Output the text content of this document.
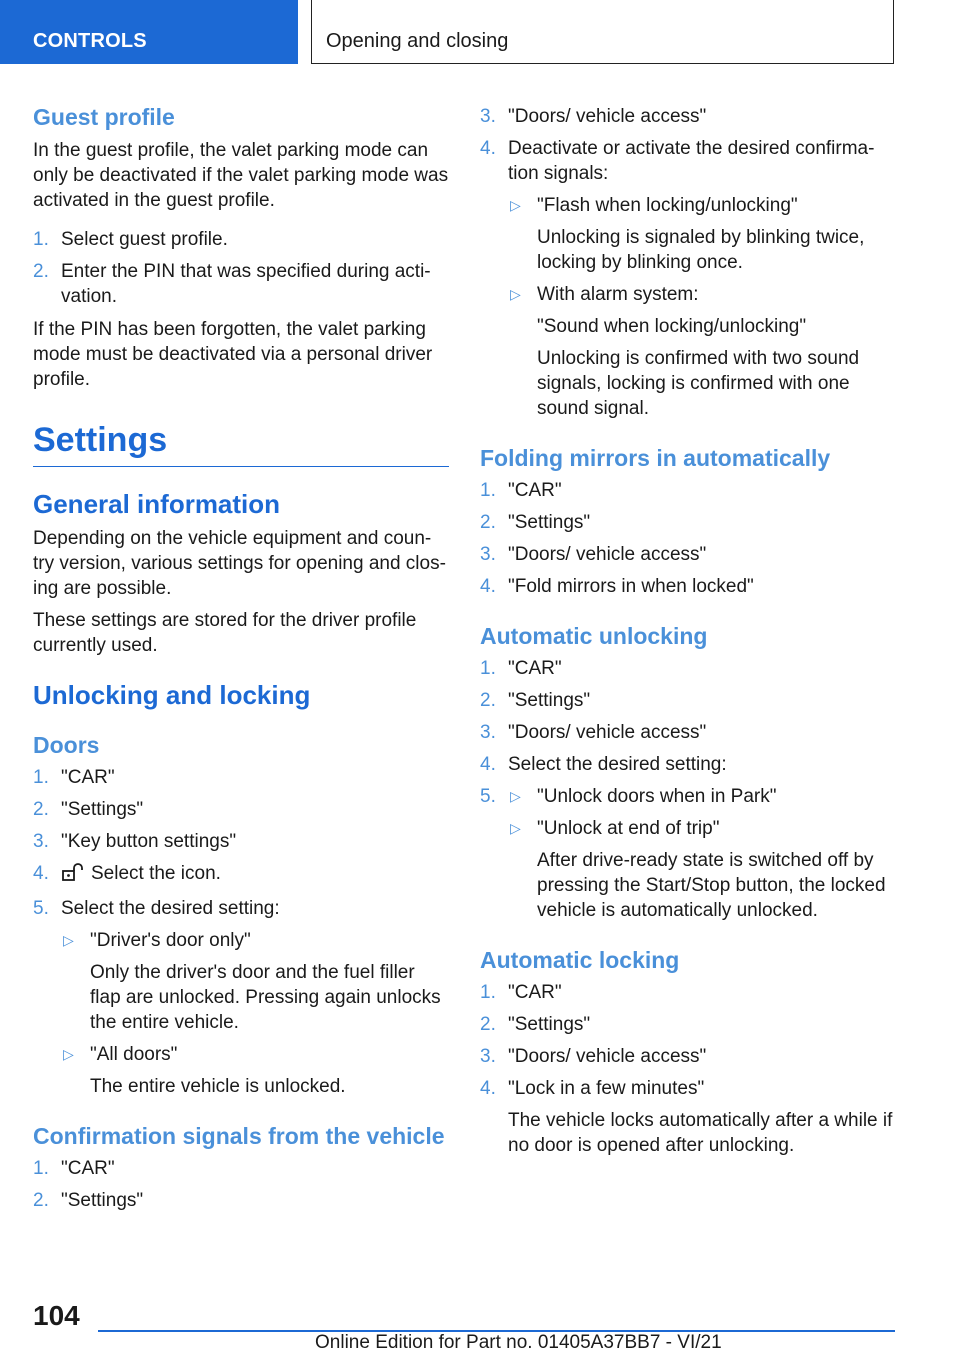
CONTROLS	Opening and closing
Guest profile

In the guest profile, the valet parking mode can only be deactivated if the valet parking mode was activated in the guest profile.

1. Select guest profile.
2. Enter the PIN that was specified during acti-vation.

If the PIN has been forgotten, the valet parking mode must be deactivated via a personal driver profile.

Settings
General information

Depending on the vehicle equipment and coun-try version, various settings for opening and clos-ing are possible.

These settings are stored for the driver profile currently used.

Unlocking and locking
Doors
1. "CAR"
2. "Settings"
3. "Key button settings"
4. Select the icon.
5. Select the desired setting:
▷ "Driver's door only"
Only the driver's door and the fuel filler flap are unlocked. Pressing again unlocks the entire vehicle.
▷ "All doors"
The entire vehicle is unlocked.
Confirmation signals from the vehicle
1. "CAR"
2. "Settings"
3. "Doors/ vehicle access"
4. Deactivate or activate the desired confirma-tion signals:
▷ "Flash when locking/unlocking"
Unlocking is signaled by blinking twice, locking by blinking once.
▷ With alarm system:
"Sound when locking/unlocking"
Unlocking is confirmed with two sound signals, locking is confirmed with one sound signal.
Folding mirrors in automatically
1. "CAR"
2. "Settings"
3. "Doors/ vehicle access"
4. "Fold mirrors in when locked"
Automatic unlocking
1. "CAR"
2. "Settings"
3. "Doors/ vehicle access"
4. Select the desired setting:
5. ▷ "Unlock doors when in Park"
▷ "Unlock at end of trip"
After drive-ready state is switched off by pressing the Start/Stop button, the locked vehicle is automatically unlocked.
Automatic locking
1. "CAR"
2. "Settings"
3. "Doors/ vehicle access"
4. "Lock in a few minutes"
The vehicle locks automatically after a while if no door is opened after unlocking.
104
Online Edition for Part no. 01405A37BB7 - VI/21
